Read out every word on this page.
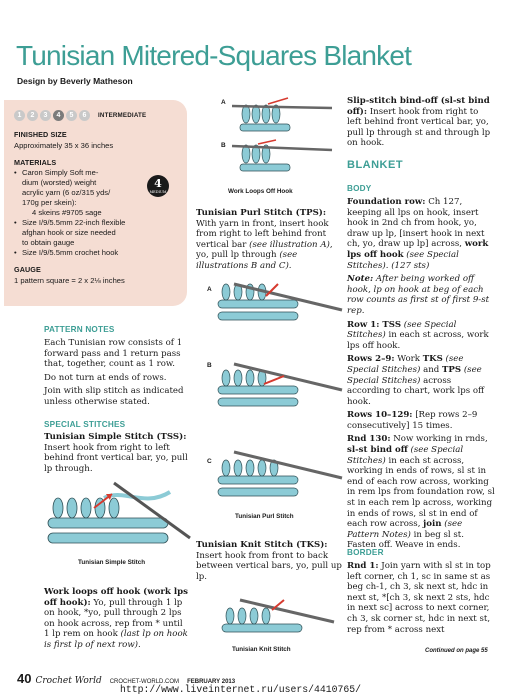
Tunisian Mitered-Squares Blanket
Design by Beverly Matheson
1	2	3	4	5	6	INTERMEDIATE
FINISHED SIZE
Approximately 35 x 36 inches
MATERIALS
• Caron Simply Soft me-
dium (worsted) weight
acrylic yarn (6 oz/315 yds/
170g per skein):
4 skeins #9705 sage
• Size I/9/5.5mm 22-inch flexible
afghan hook or size needed
to obtain gauge
• Size I/9/5.5mm crochet hook
GAUGE
1 pattern square = 2 x 2⅛ inches
4
MEDIUM
PATTERN NOTES

Each Tunisian row consists of 1 forward pass and 1 return pass that, together, count as 1 row.

Do not turn at ends of rows.

Join with slip stitch as indicated unless otherwise stated.

SPECIAL STITCHES
Tunisian Simple Stitch (TSS): Insert hook from right to left behind front vertical bar, yo, pull lp through.
Tunisian Simple Stitch
Work loops off hook (work lps off hook): Yo, pull through 1 lp on hook, *yo, pull through 2 lps on hook across, rep from * until 1 lp rem on hook (last lp on hook is first lp of next row).
A
B
Work Loops Off Hook
Tunisian Purl Stitch (TPS): With yarn in front, insert hook from right to left behind front vertical bar (see illustration A), yo, pull lp through (see illustrations B and C).
A
B
C
Tunisian Purl Stitch
Tunisian Knit Stitch (TKS): Insert hook from front to back between vertical bars, yo, pull up lp.
Tunisian Knit Stitch
Slip-stitch bind-off (sl-st bind off): Insert hook from right to left behind front vertical bar, yo, pull lp through st and through lp on hook.
BLANKET
BODY

Foundation row: Ch 127, keeping all lps on hook, insert hook in 2nd ch from hook, yo, draw up lp, [insert hook in next ch, yo, draw up lp] across, work lps off hook (see Special Stitches). (127 sts)

Note: After being worked off hook, lp on hook at beg of each row counts as first st of first 9-st rep.

Row 1: TSS (see Special Stitches) in each st across, work lps off hook.

Rows 2–9: Work TKS (see Special Stitches) and TPS (see Special Stitches) across according to chart, work lps off hook.

Rows 10–129: [Rep rows 2–9 consecutively] 15 times.

Rnd 130: Now working in rnds, sl-st bind off (see Special Stitches) in each st across, working in ends of rows, sl st in end of each row across, working in rem lps from foundation row, sl st in each rem lp across, working in ends of rows, sl st in end of each row across, join (see Pattern Notes) in beg sl st. Fasten off. Weave in ends.

BORDER
Rnd 1: Join yarn with sl st in top left corner, ch 1, sc in same st as beg ch-1, ch 3, sk next st, hdc in next st, *[ch 3, sk next 2 sts, hdc in next sc] across to next corner, ch 3, sk corner st, hdc in next st, rep from * across next
Continued on page 55
40 Crochet World CROCHET-WORLD.COM FEBRUARY 2013
http://www.liveinternet.ru/users/4410765/
